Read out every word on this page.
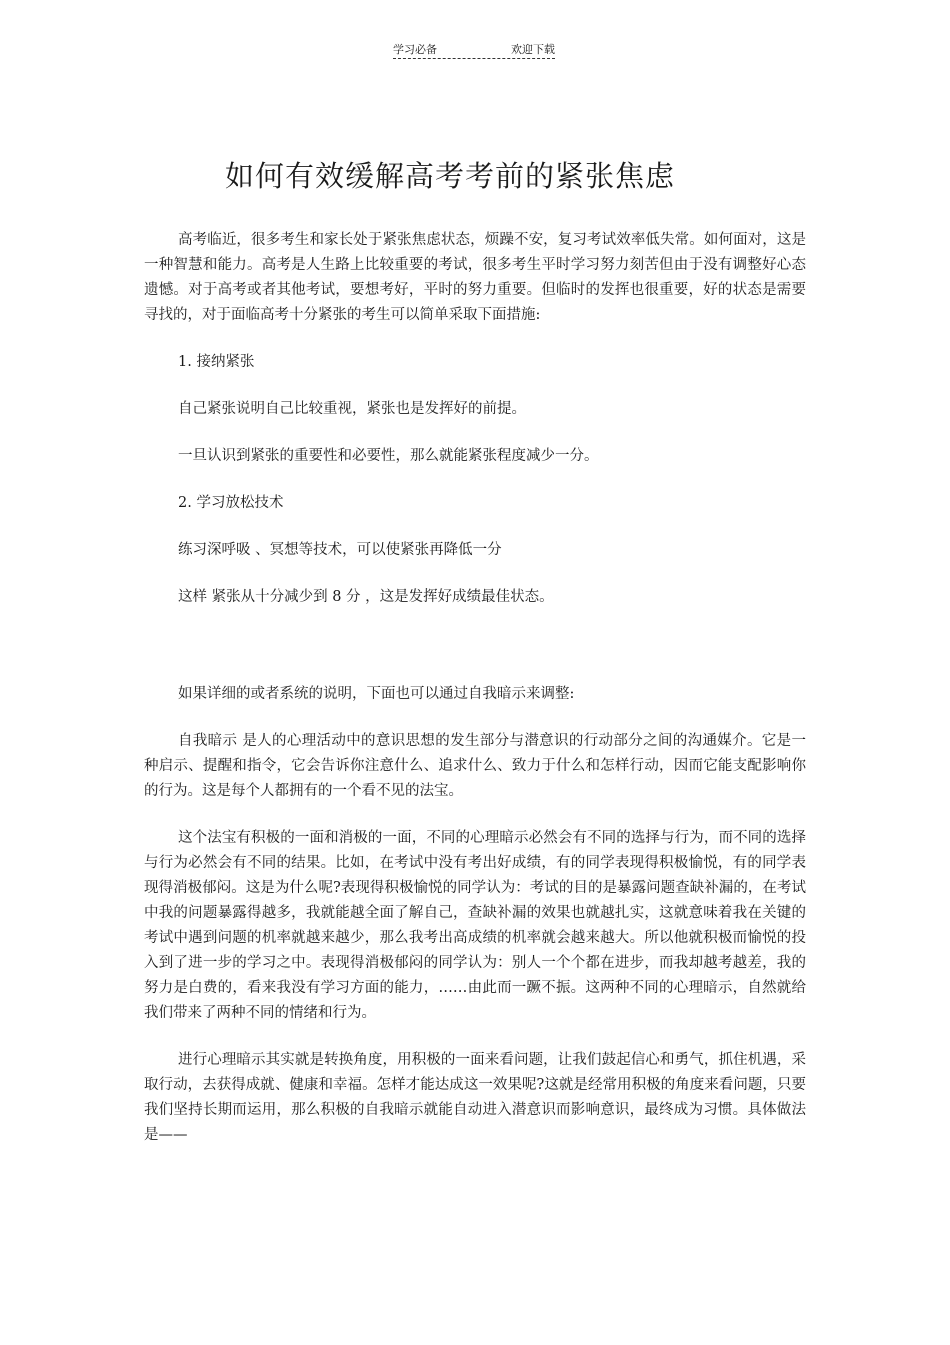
学习必备	欢迎下载
如何有效缓解高考考前的紧张焦虑

高考临近，很多考生和家长处于紧张焦虑状态，烦躁不安，复习考试效率低失常。如何面对，这是一种智慧和能力。高考是人生路上比较重要的考试，很多考生平时学习努力刻苦但由于没有调整好心态遗憾。对于高考或者其他考试，要想考好，平时的努力重要。但临时的发挥也很重要，好的状态是需要寻找的，对于面临高考十分紧张的考生可以简单采取下面措施:

1. 接纳紧张

自己紧张说明自己比较重视，紧张也是发挥好的前提。

一旦认识到紧张的重要性和必要性，那么就能紧张程度减少一分。

2. 学习放松技术

练习深呼吸 、冥想等技术，可以使紧张再降低一分

这样 紧张从十分减少到 8 分 ，这是发挥好成绩最佳状态。

如果详细的或者系统的说明，下面也可以通过自我暗示来调整:

自我暗示 是人的心理活动中的意识思想的发生部分与潜意识的行动部分之间的沟通媒介。它是一种启示、提醒和指令，它会告诉你注意什么、追求什么、致力于什么和怎样行动，因而它能支配影响你的行为。这是每个人都拥有的一个看不见的法宝。

这个法宝有积极的一面和消极的一面，不同的心理暗示必然会有不同的选择与行为，而不同的选择与行为必然会有不同的结果。比如，在考试中没有考出好成绩，有的同学表现得积极愉悦，有的同学表现得消极郁闷。这是为什么呢?表现得积极愉悦的同学认为：考试的目的是暴露问题查缺补漏的，在考试中我的问题暴露得越多，我就能越全面了解自己，查缺补漏的效果也就越扎实，这就意味着我在关键的考试中遇到问题的机率就越来越少，那么我考出高成绩的机率就会越来越大。所以他就积极而愉悦的投入到了进一步的学习之中。表现得消极郁闷的同学认为：别人一个个都在进步，而我却越考越差，我的努力是白费的，看来我没有学习方面的能力，……由此而一蹶不振。这两种不同的心理暗示，自然就给我们带来了两种不同的情绪和行为。

进行心理暗示其实就是转换角度，用积极的一面来看问题，让我们鼓起信心和勇气，抓住机遇，采取行动，去获得成就、健康和幸福。怎样才能达成这一效果呢?这就是经常用积极的角度来看问题，只要我们坚持长期而运用，那么积极的自我暗示就能自动进入潜意识而影响意识，最终成为习惯。具体做法是——
